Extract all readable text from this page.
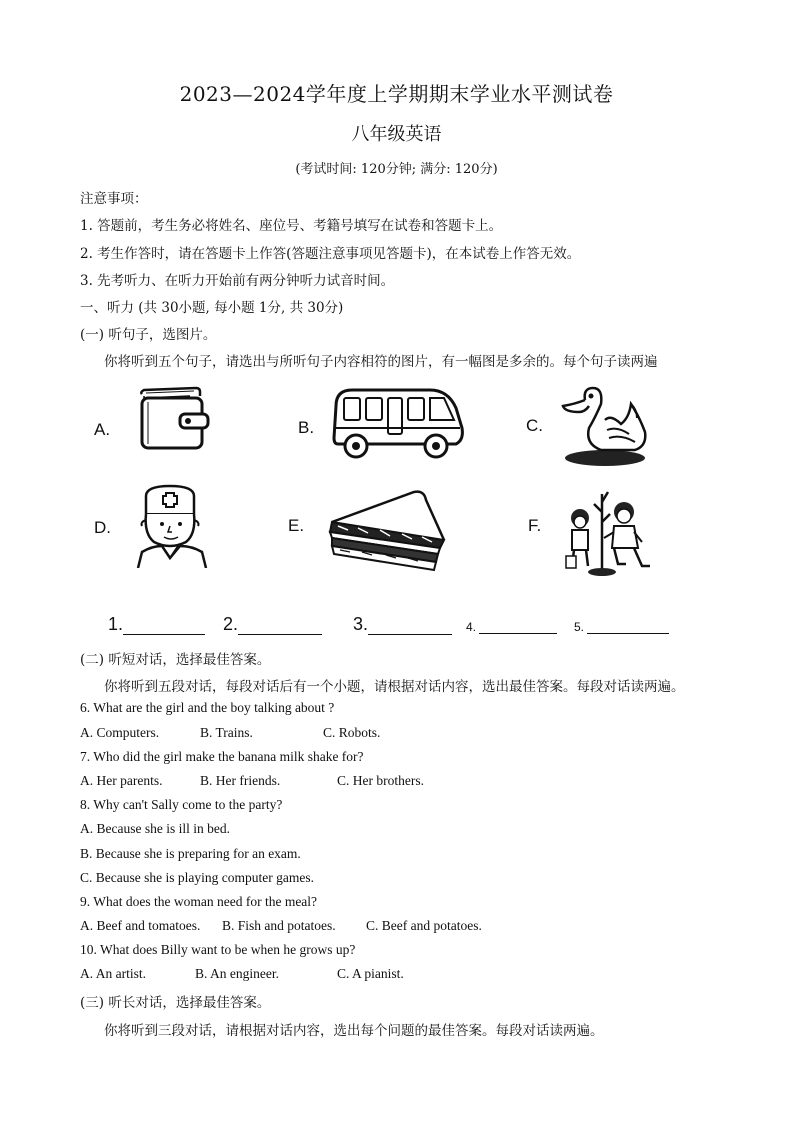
2023—2024学年度上学期期末学业水平测试卷
八年级英语
(考试时间: 120分钟; 满分: 120分)
注意事项：
1. 答题前，考生务必将姓名、座位号、考籍号填写在试卷和答题卡上。
2. 考生作答时，请在答题卡上作答(答题注意事项见答题卡)，在本试卷上作答无效。
3. 先考听力、在听力开始前有两分钟听力试音时间。
一、听力 (共 30小题, 每小题 1分, 共 30分)
(一) 听句子，选图片。
你将听到五个句子，请选出与所听句子内容相符的图片，有一幅图是多余的。每个句子读两遍
A.	B.	C.
D.	E.	F.
1.	2.	3.	4.	5.
(二) 听短对话，选择最佳答案。
你将听到五段对话，每段对话后有一个小题，请根据对话内容，选出最佳答案。每段对话读两遍。
6. What are the girl and the boy talking about ?
A. Computers.	B. Trains.	C. Robots.
7. Who did the girl make the banana milk shake for?
A. Her parents.	B. Her friends.	C. Her brothers.
8. Why can't Sally come to the party?
A. Because she is ill in bed.
B. Because she is preparing for an exam.
C. Because she is playing computer games.
9. What does the woman need for the meal?
A. Beef and tomatoes. B. Fish and potatoes. C. Beef and potatoes.
10. What does Billy want to be when he grows up?
A. An artist.	B. An engineer.	C. A pianist.
(三) 听长对话，选择最佳答案。
你将听到三段对话，请根据对话内容，选出每个问题的最佳答案。每段对话读两遍。
